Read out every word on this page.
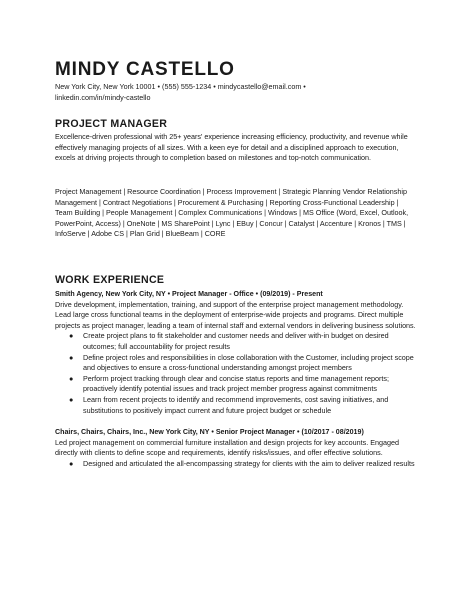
MINDY CASTELLO
New York City, New York 10001 • (555) 555-1234 • mindycastello@email.com •
linkedin.com/in/mindy-castello
PROJECT MANAGER
Excellence-driven professional with 25+ years' experience increasing efficiency, productivity, and revenue while effectively managing projects of all sizes. With a keen eye for detail and a disciplined approach to execution, excels at driving projects through to completion based on milestones and top-notch communication.
Project Management | Resource Coordination | Process Improvement | Strategic Planning Vendor Relationship Management | Contract Negotiations | Procurement & Purchasing | Reporting Cross-Functional Leadership | Team Building | People Management | Complex Communications | Windows | MS Office (Word, Excel, Outlook, PowerPoint, Access) | OneNote | MS SharePoint | Lync | EBuy | Concur | Catalyst | Accenture | Kronos | TMS | InfoServe | Adobe CS | Plan Grid | BlueBeam | CORE
WORK EXPERIENCE
Smith Agency, New York City, NY • Project Manager - Office • (09/2019) - Present
Drive development, implementation, training, and support of the enterprise project management methodology. Lead large cross functional teams in the deployment of enterprise-wide projects and programs. Direct multiple projects as project manager, leading a team of internal staff and external vendors in delivering business solutions.
● Create project plans to fit stakeholder and customer needs and deliver with-in budget on desired outcomes; full accountability for project results
● Define project roles and responsibilities in close collaboration with the Customer, including project scope and objectives to ensure a cross-functional understanding amongst project members
● Perform project tracking through clear and concise status reports and time management reports; proactively identify potential issues and track project member progress against commitments
● Learn from recent projects to identify and recommend improvements, cost saving initiatives, and substitutions to positively impact current and future project budget or schedule
Chairs, Chairs, Chairs, Inc., New York City, NY • Senior Project Manager • (10/2017 - 08/2019)
Led project management on commercial furniture installation and design projects for key accounts. Engaged directly with clients to define scope and requirements, identify risks/issues, and offer effective solutions.
● Designed and articulated the all-encompassing strategy for clients with the aim to deliver realized results
